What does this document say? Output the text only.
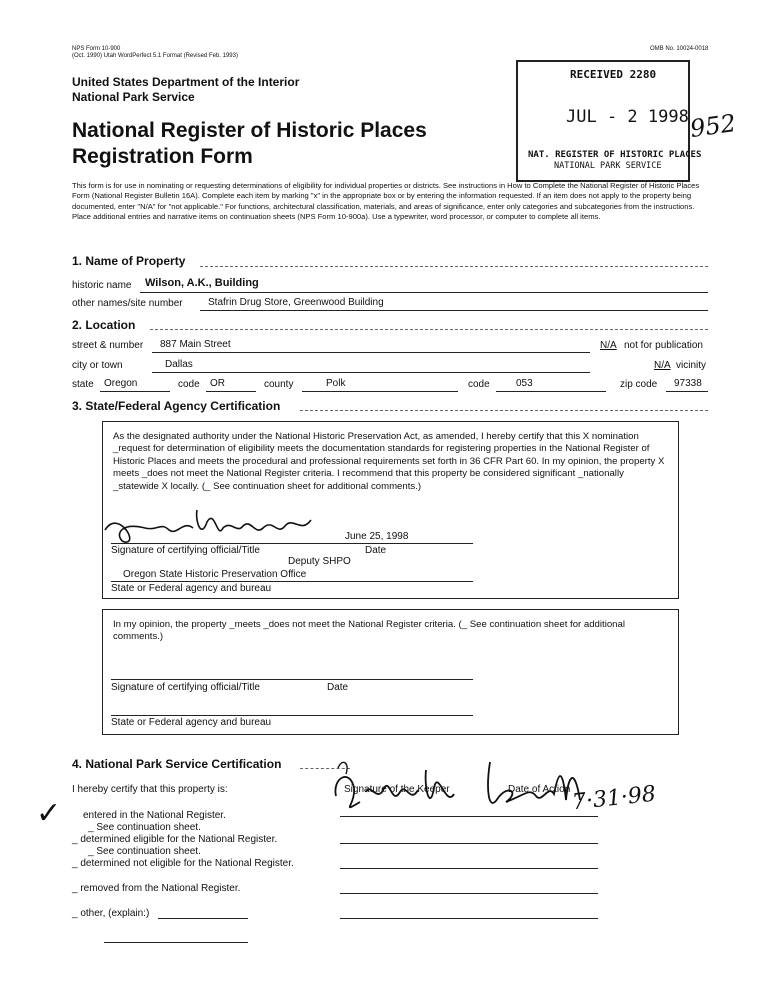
NPS Form 10-900
(Oct. 1990) Utah WordPerfect 5.1 Format (Revised Feb. 1993)
OMB No. 10024-0018
United States Department of the Interior
National Park Service
National Register of Historic Places
Registration Form
RECEIVED 2280
JUL - 2 1998
NAT. REGISTER OF HISTORIC PLACES
NATIONAL PARK SERVICE
952
This form is for use in nominating or requesting determinations of eligibility for individual properties or districts. See instructions in How to Complete the National Register of Historic Places Form (National Register Bulletin 16A). Complete each item by marking "x" in the appropriate box or by entering the information requested. If an item does not apply to the property being documented, enter "N/A" for "not applicable." For functions, architectural classification, materials, and areas of significance, enter only categories and subcategories from the instructions. Place additional entries and narrative items on continuation sheets (NPS Form 10-900a). Use a typewriter, word processor, or computer to complete all items.
1. Name of Property
historic name Wilson, A.K., Building
other names/site number	Stafrin Drug Store, Greenwood Building
2. Location
street & number 887 Main Street	N/A not for publication
city or town	Dallas	N/A vicinity
state Oregon	code OR	county	Polk	code	053	zip code 97338
3. State/Federal Agency Certification
As the designated authority under the National Historic Preservation Act, as amended, I hereby certify that this X nomination _request for determination of eligibility meets the documentation standards for registering properties in the National Register of Historic Places and meets the procedural and professional requirements set forth in 36 CFR Part 60. In my opinion, the property X meets _does not meet the National Register criteria. I recommend that this property be considered significant _nationally _statewide X locally. (_ See continuation sheet for additional comments.)
June 25, 1998
Signature of certifying official/Title	Date
Deputy SHPO
Oregon State Historic Preservation Office
State or Federal agency and bureau
In my opinion, the property _meets _does not meet the National Register criteria. (_ See continuation sheet for additional comments.)
Signature of certifying official/Title	Date
State or Federal agency and bureau
4. National Park Service Certification
I hereby certify that this property is:	Signature of the Keeper	Date of Action 7·31·98
✓ entered in the National Register.
_ See continuation sheet.
_ determined eligible for the National Register.
_ See continuation sheet.
_ determined not eligible for the National Register.
_ removed from the National Register.
_ other, (explain:)
